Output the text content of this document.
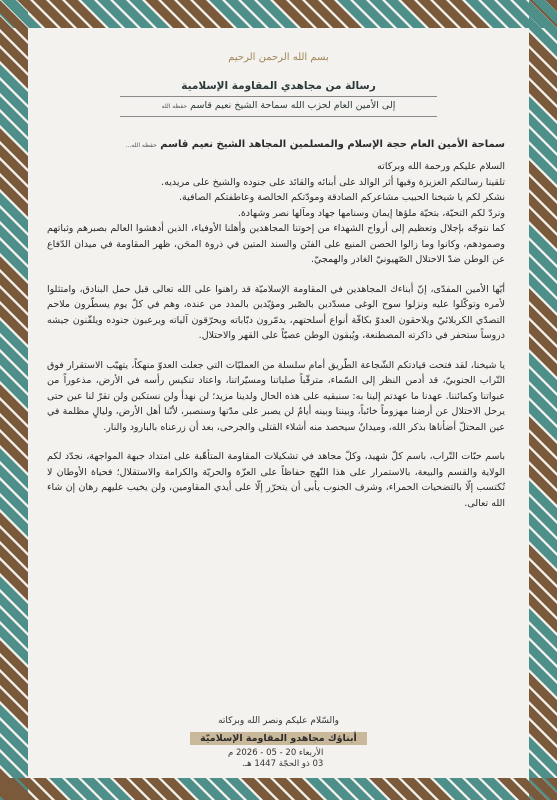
بسم الله الرحمن الرحيم
رسالة من مجاهدي المقاومة الإسلامية
إلى الأمين العام لحزب الله سماحة الشيخ نعيم قاسم حفظه الله
سماحة الأمين العام حجة الإسلام والمسلمين المجاهد الشيخ نعيم قاسم حفظه الله...

السلام عليكم ورحمة الله وبركاته

تلقينا رسالتكم العزيزة وفيها أثر الوالد على أبنائه والقائد على جنوده والشيخ على مريديه.

نشكر لكم يا شيخنا الحبيب مشاعركم الصادقة ومودّتكم الخالصة وعاطفتكم الصافية.

ونردّ لكم التحيّة، بتحيّة ملؤها إيمان وسنامها جهاد ومآلها نصر وشهادة.

كما نتوجّه بإجلال وتعظيم إلى أرواح الشهداء من إخوتنا المجاهدين وأهلنا الأوفياء، الذين أدهشوا العالم بصبرهم وثباتهم وصمودهم، وكانوا وما زالوا الحصن المنيع على الفتَن والسند المتين في ذروة المحَن، ظهر المقاومة في ميدان الدّفاع عن الوطن ضدّ الاحتلال الصّهيونيّ الغادر والهمجيّ.

أيّها الأمين المفدّى، إنّ أبناءك المجاهدين في المقاومة الإسلاميّة قد راهنوا على الله تعالى قبل حمل البنادق، وامتثلوا لأمره وتوكّلوا عليه ونزلوا سوح الوغى مسدّدين بالصّبر ومؤيّدين بالمدد من عنده، وهم في كلّ يوم يسطّرون ملاحم التصدّي الكربلائيّ ويلاحقون العدوّ بكافّة أنواع أسلحتهم، يدمّرون دبّاباته ويحرّقون آلياته ويرعبون جنوده ويلقّنون جيشه دروساً ستحفر في ذاكرته المصطنعة، ويُبقون الوطن عصيّاً على القهر والاحتلال.

يا شيخنا، لقد فتحت قيادتكم الشّجاعة الطّريق أمام سلسلة من العمليّات التي جعلت العدوّ منهكاً، يتهيّب الاستقرار فوق التّراب الجنوبيّ، قد أدمن النظر إلى السّماء، مترقّباً صلياتنا ومسيّراتنا، واعتاد تنكيس رأسه في الأرض، مذعوراً من عبواتنا وكمائننا. عهدنا ما عهدتم إلينا به: سنبقيه على هذه الحال ولدينا مزيد؛ لن نهدأ ولن نستكين ولن تقرّ لنا عين حتى يرحل الاحتلال عن أرضنا مهزوماً خائباً، وبيننا وبينه أيامٌ لن يصبر على مدّتها وسنصبر، لأنّنا أهل الأرض، وليالٍ مظلمة في عين المحتلّ أضأناها بذكر الله، وميدانٌ سيحصد منه أشلاء القتلى والجرحى، بعد أن زرعناه بالبارود والنار.

باسم حبّات التّراب، باسم كلّ شهيد، وكلّ مجاهد في تشكيلات المقاومة المتأهّبة على امتداد جبهة المواجهة، نجدّد لكم الولاية والقسم والبيعة، بالاستمرار على هذا النّهج حفاظاً على العزّة والحريّة والكرامة والاستقلال؛ فحياة الأوطان لا تُكتسب إلّا بالتضحيات الحمراء، وشرف الجنوب يأبى أن يتحرّر إلّا على أيدي المقاومين، ولن يخيب عليهم رهان إن شاء الله تعالى.

والسّلام عليكم ونصر الله وبركاته
أبناؤك مجاهدو المقاومة الإسلاميّة
الأربعاء 20 - 05 - 2026 م
03 ذو الحجّة 1447 هـ.
